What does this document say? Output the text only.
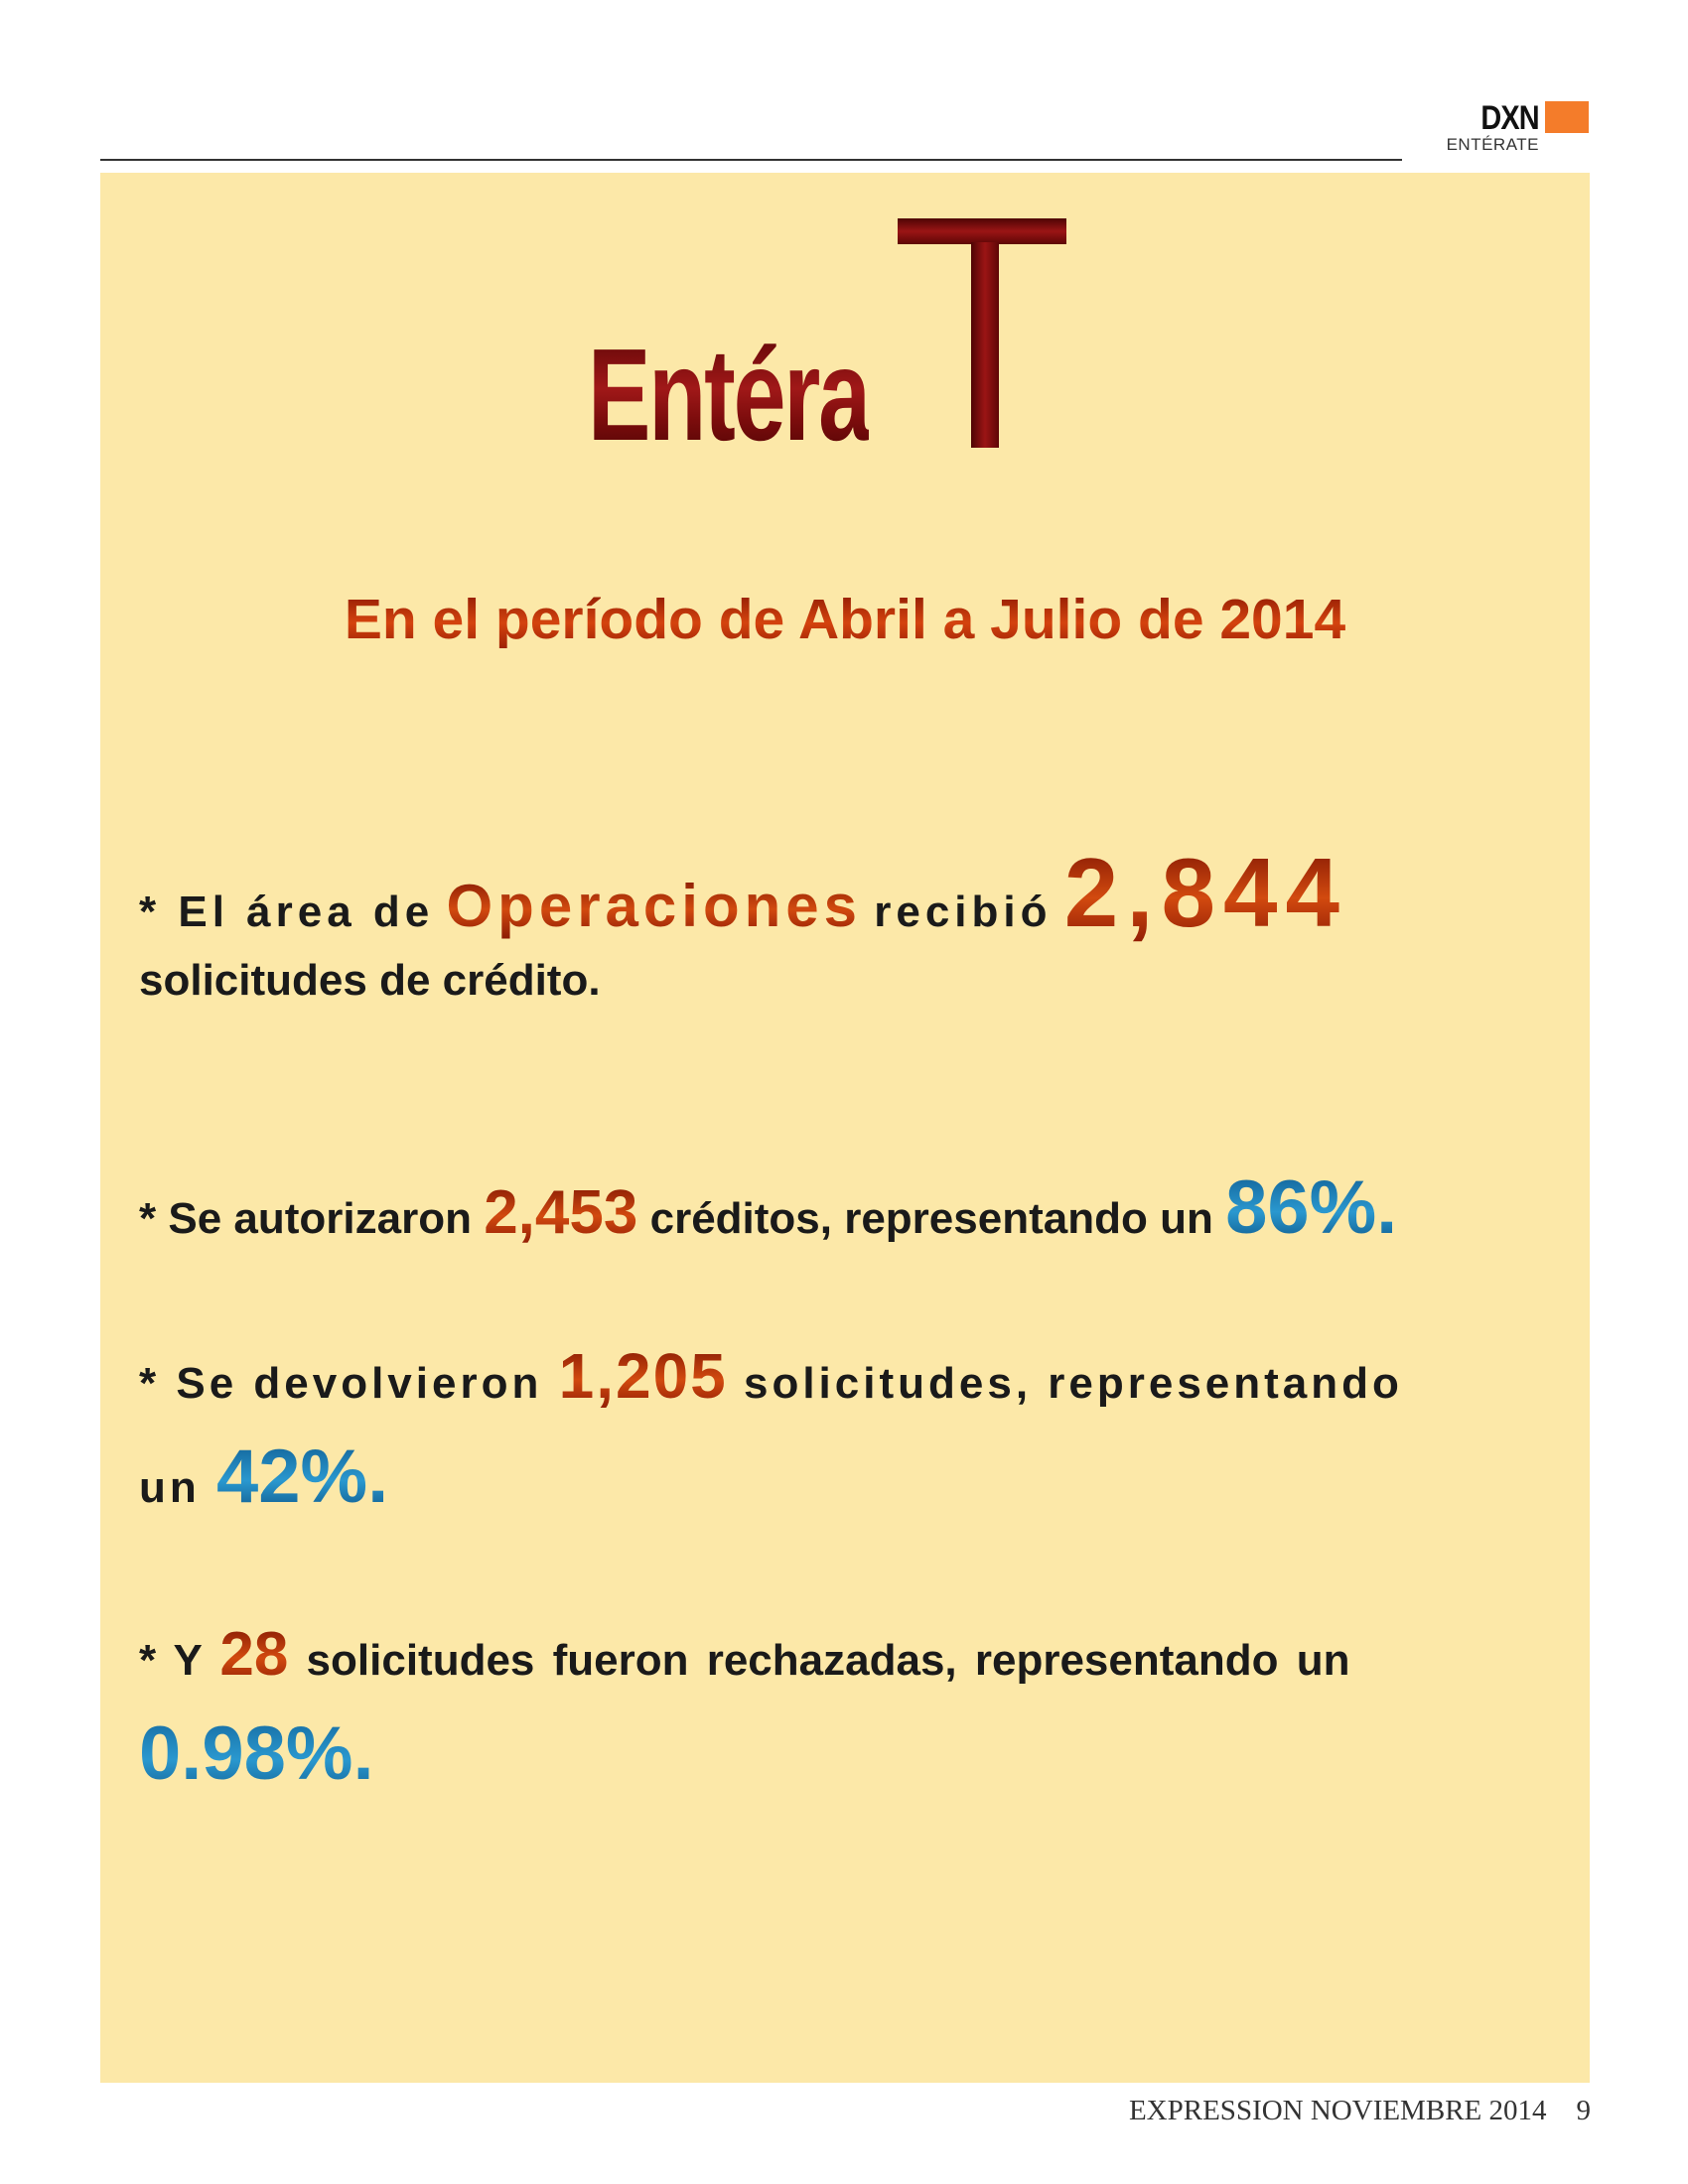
DXN
ENTÉRATE
Entéra
En el período de Abril a Julio de 2014

* El área de Operaciones recibió 2,844
solicitudes de crédito.

* Se autorizaron 2,453 créditos, representando un 86%.

* Se devolvieron 1,205 solicitudes, representando
un 42%.

* Y 28 solicitudes fueron rechazadas, representando un
0.98%.

EXPRESSION NOVIEMBRE 2014 9
